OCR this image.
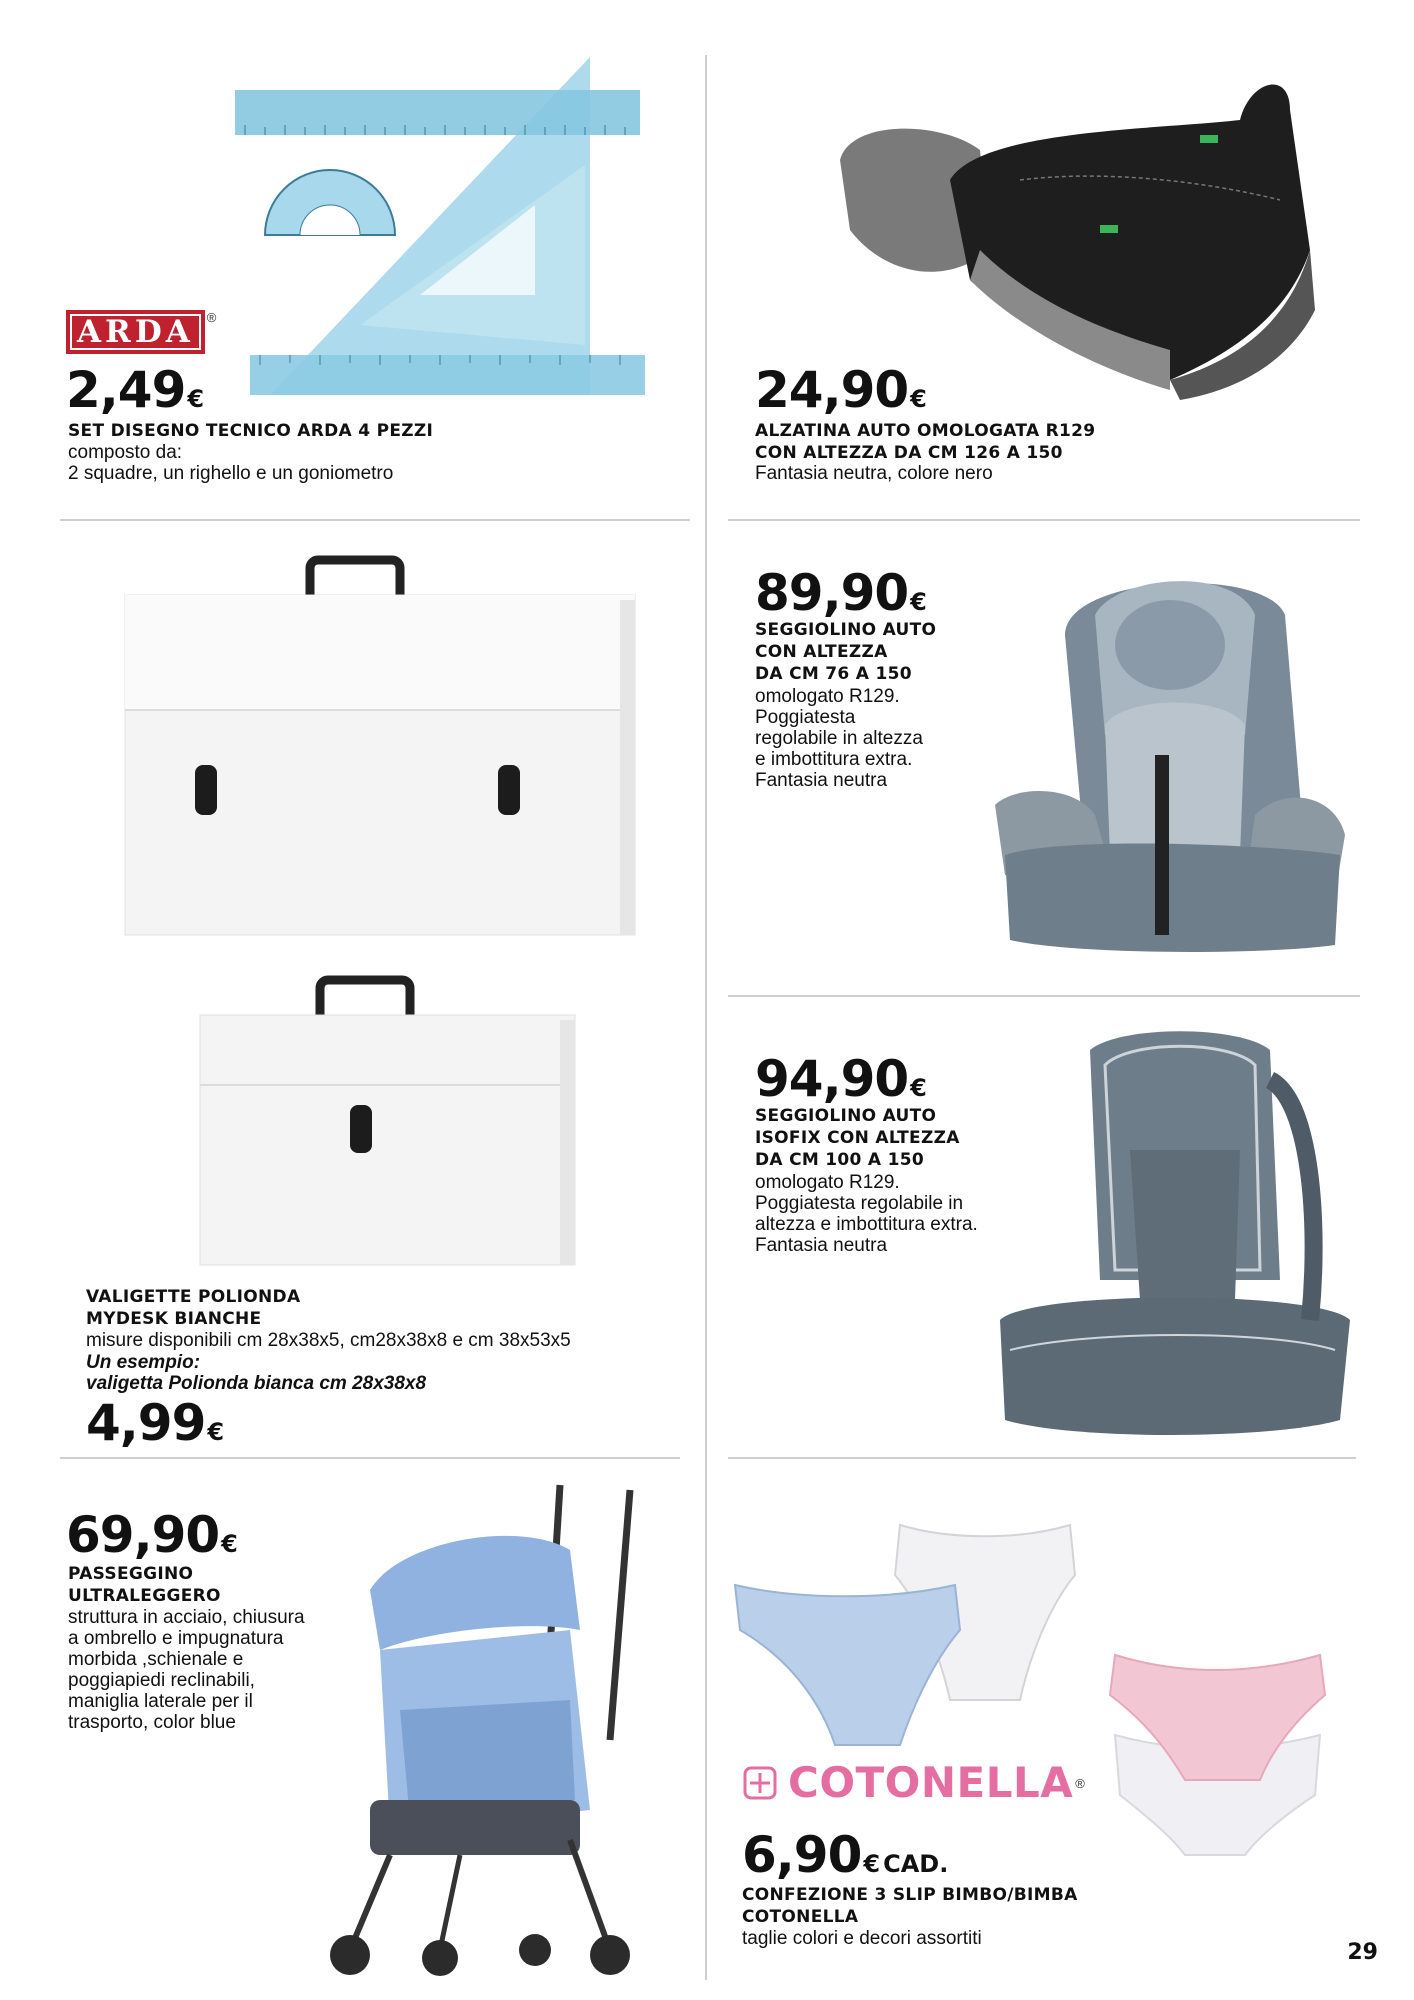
ARDA ®
2,49€
SET DISEGNO TECNICO ARDA 4 PEZZI
composto da:
2 squadre, un righello e un goniometro
24,90€
ALZATINA AUTO OMOLOGATA R129
CON ALTEZZA DA CM 126 A 150
Fantasia neutra, colore nero
VALIGETTE POLIONDA
MYDESK BIANCHE
misure disponibili cm 28x38x5, cm28x38x8 e cm 38x53x5
Un esempio:
valigetta Polionda bianca cm 28x38x8
4,99€
89,90€
SEGGIOLINO AUTO
CON ALTEZZA
DA CM 76 A 150
omologato R129.
Poggiatesta
regolabile in altezza
e imbottitura extra.
Fantasia neutra
94,90€
SEGGIOLINO AUTO
ISOFIX CON ALTEZZA
DA CM 100 A 150
omologato R129.
Poggiatesta regolabile in
altezza e imbottitura extra.
Fantasia neutra
69,90€
PASSEGGINO
ULTRALEGGERO
struttura in acciaio, chiusura
a ombrello e impugnatura
morbida ,schienale e
poggiapiedi reclinabili,
maniglia laterale per il
trasporto, color blue
COTONELLA ®
6,90€ CAD.
CONFEZIONE 3 SLIP BIMBO/BIMBA
COTONELLA
taglie colori e decori assortiti
29
